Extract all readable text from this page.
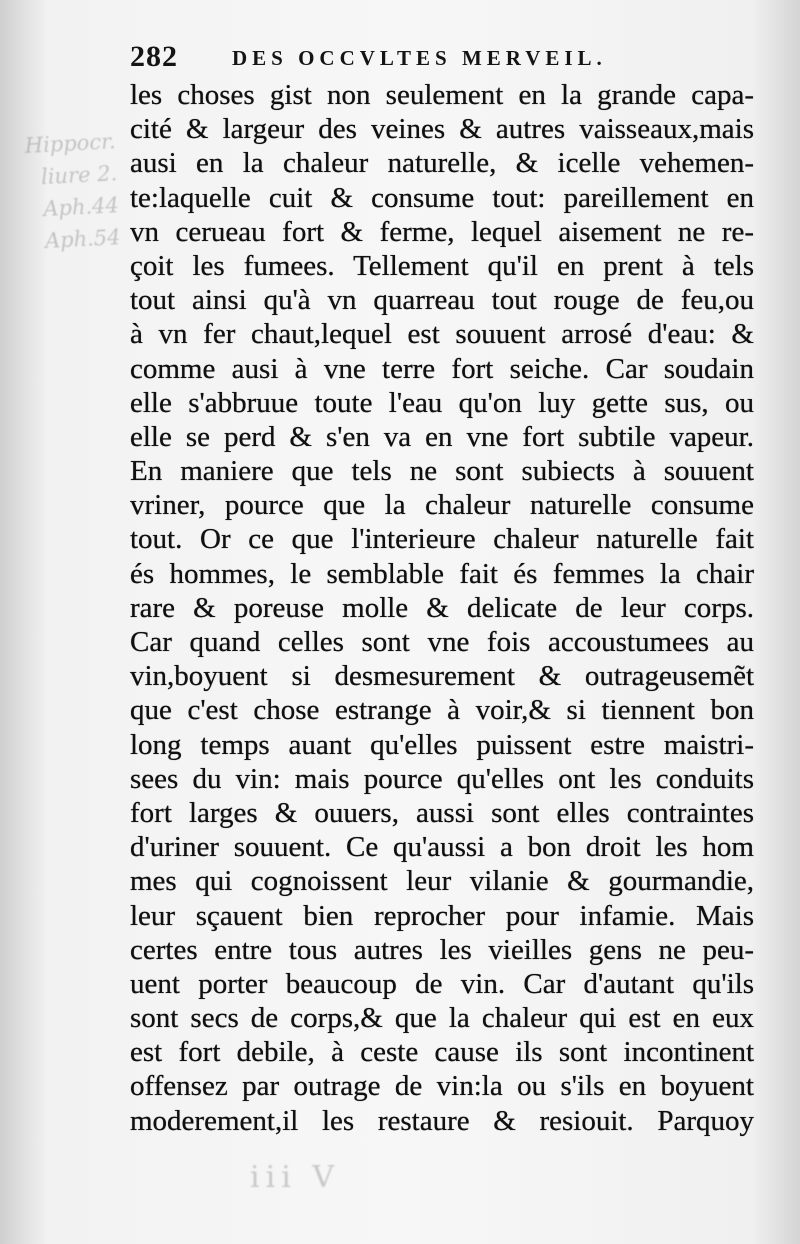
Hippocr.
liure 2.
Aph.44
Aph.54
iii V
282	DES OCCVLTES MERVEIL.
les choses gist non seulement en la grande capa-
cité & largeur des veines & autres vaisseaux,mais
ausi en la chaleur naturelle, & icelle vehemen-
te:laquelle cuit & consume tout: pareillement en
vn cerueau fort & ferme, lequel aisement ne re-
çoit les fumees. Tellement qu'il en prent à tels
tout ainsi qu'à vn quarreau tout rouge de feu,ou
à vn fer chaut,lequel est souuent arrosé d'eau: &
comme ausi à vne terre fort seiche. Car soudain
elle s'abbruue toute l'eau qu'on luy gette sus, ou
elle se perd & s'en va en vne fort subtile vapeur.
En maniere que tels ne sont subiects à souuent
vriner, pource que la chaleur naturelle consume
tout. Or ce que l'interieure chaleur naturelle fait
és hommes, le semblable fait és femmes la chair
rare & poreuse molle & delicate de leur corps.
Car quand celles sont vne fois accoustumees au
vin,boyuent si desmesurement & outrageusemẽt
que c'est chose estrange à voir,& si tiennent bon
long temps auant qu'elles puissent estre maistri-
sees du vin: mais pource qu'elles ont les conduits
fort larges & ouuers, aussi sont elles contraintes
d'uriner souuent. Ce qu'aussi a bon droit les hom
mes qui cognoissent leur vilanie & gourmandie,
leur sçauent bien reprocher pour infamie. Mais
certes entre tous autres les vieilles gens ne peu-
uent porter beaucoup de vin. Car d'autant qu'ils
sont secs de corps,& que la chaleur qui est en eux
est fort debile, à ceste cause ils sont incontinent
offensez par outrage de vin:la ou s'ils en boyuent
moderement,il les restaure & resiouit. Parquoy
